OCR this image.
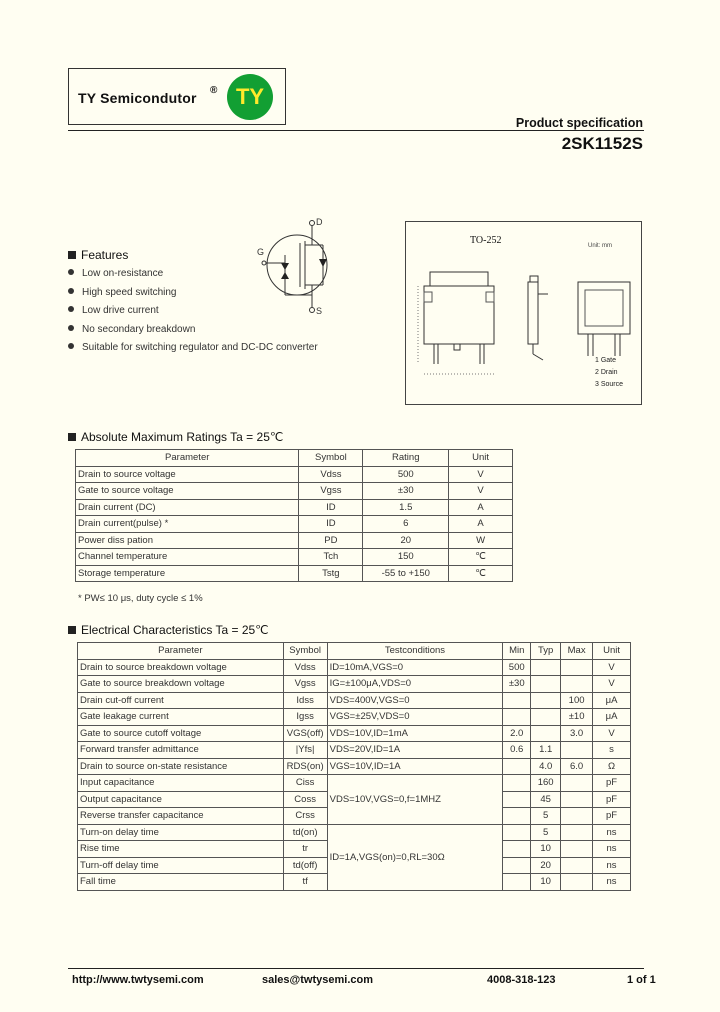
TY Semicondutor ® TY
Product specification
2SK1152S
Features
Low on-resistance
High speed switching
Low drive current
No secondary breakdown
Suitable for switching regulator and DC-DC converter
D
G
S
TO-252	Unit: mm
1 Gate
2 Drain
3 Source
Absolute Maximum Ratings Ta = 25℃
Parameter	Symbol	Rating	Unit
Drain to source voltage	Vdss	500	V
Gate to source voltage	Vgss	±30	V
Drain current (DC)	ID	1.5	A
Drain current(pulse) *	ID	6	A
Power diss pation	PD	20	W
Channel temperature	Tch	150	℃
Storage temperature	Tstg	-55 to +150	℃
* PW≤ 10 μs, duty cycle ≤ 1%
Electrical Characteristics Ta = 25℃
Parameter	Symbol	Testconditions	Min	Typ	Max	Unit
Drain to source breakdown voltage	Vdss	ID=10mA,VGS=0	500			V
Gate to source breakdown voltage	Vgss	IG=±100μA,VDS=0	±30			V
Drain cut-off current	Idss	VDS=400V,VGS=0			100	μA
Gate leakage current	Igss	VGS=±25V,VDS=0			±10	μA
Gate to source cutoff voltage	VGS(off)	VDS=10V,ID=1mA	2.0		3.0	V
Forward transfer admittance	|Yfs|	VDS=20V,ID=1A	0.6	1.1		s
Drain to source on-state resistance	RDS(on)	VGS=10V,ID=1A		4.0	6.0	Ω
Input capacitance	Ciss	VDS=10V,VGS=0,f=1MHZ		160		pF
Output capacitance	Coss			45		pF
Reverse transfer capacitance	Crss			5		pF
Turn-on delay time	td(on)	ID=1A,VGS(on)=0,RL=30Ω		5		ns
Rise time	tr			10		ns
Turn-off delay time	td(off)			20		ns
Fall time	tf			10		ns
http://www.twtysemi.com	sales@twtysemi.com	4008-318-123	1 of 1
